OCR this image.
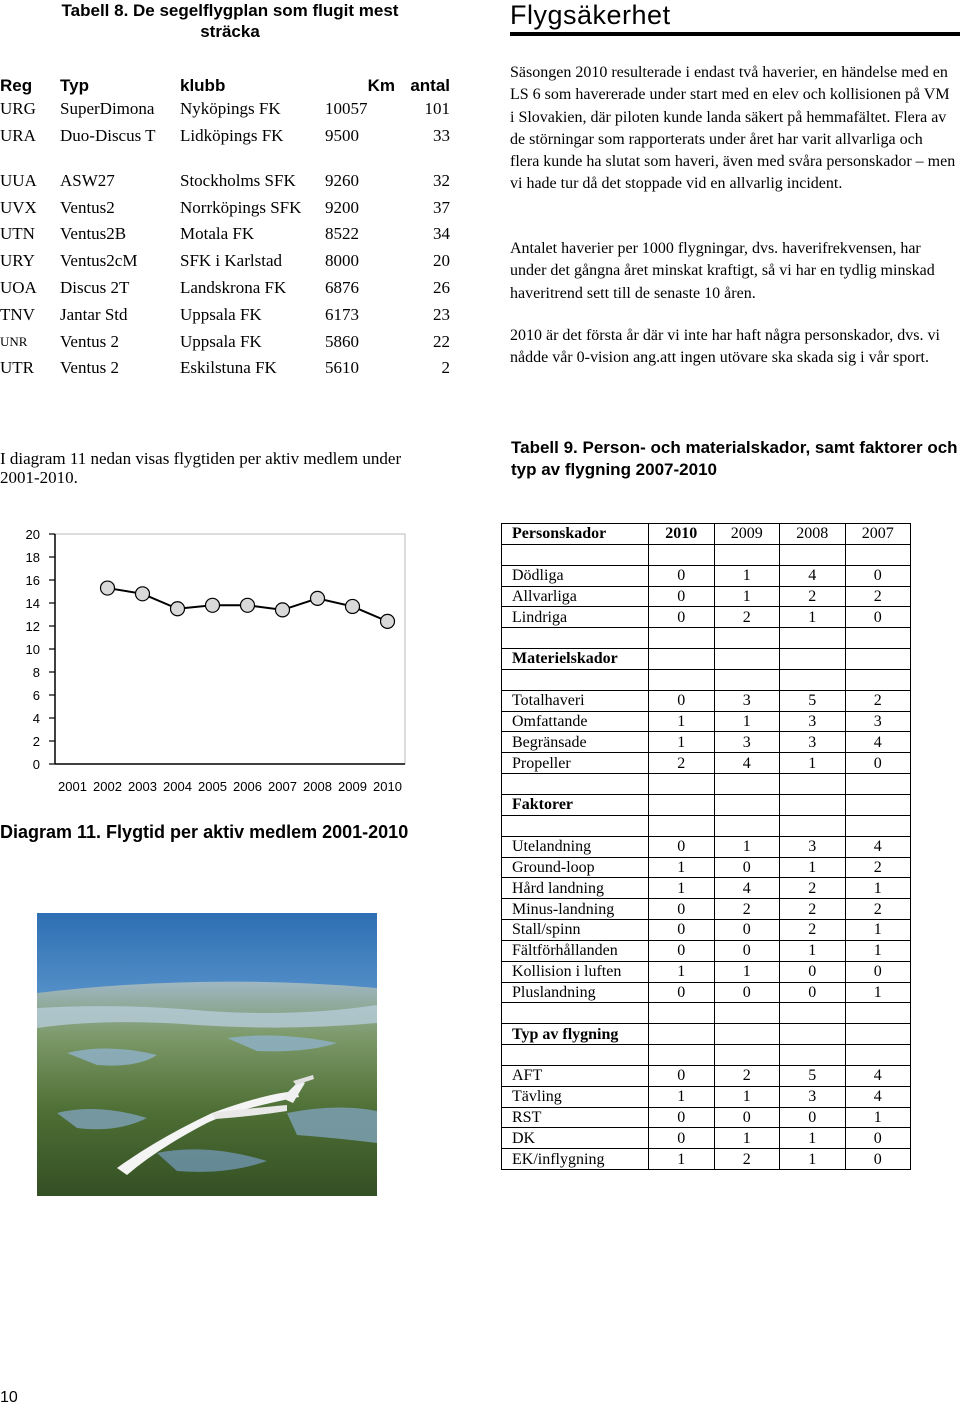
Tabell 8. De segelflygplan som flugit mest sträcka
Reg	Typ	klubb	Km	antal
URG	SuperDimona	Nyköpings FK	10057	101
URA	Duo-Discus T	Lidköpings FK	9500	33
UUA	ASW27	Stockholms SFK	9260	32
UVX	Ventus2	Norrköpings SFK	9200	37
UTN	Ventus2B	Motala FK	8522	34
URY	Ventus2cM	SFK i Karlstad	8000	20
UOA	Discus 2T	Landskrona FK	6876	26
TNV	Jantar Std	Uppsala FK	6173	23
UNR	Ventus 2	Uppsala FK	5860	22
UTR	Ventus 2	Eskilstuna FK	5610	2
Flygsäkerhet

Säsongen 2010 resulterade i endast två haverier, en händelse med en LS 6 som havererade under start med en elev och kollisionen på VM i Slovakien, där piloten kunde landa säkert på hemmafältet. Flera av de störningar som rapporterats under året har varit allvarliga och flera kunde ha slutat som haveri, även med svåra personskador – men vi hade tur då det stoppade vid en allvarlig incident.

Antalet haverier per 1000 flygningar, dvs. haverifrekvensen, har under det gångna året minskat kraftigt, så vi har en tydlig minskad haveritrend sett till de senaste 10 åren.

2010 är det första år där vi inte har haft några personskador, dvs. vi nådde vår 0-vision ang.att ingen utövare ska skada sig i vår sport.

I diagram 11 nedan visas flygtiden per aktiv medlem under 2001-2010.

Tabell 9. Person- och materialskador, samt faktorer och typ av flygning 2007-2010
Personskador	2010	2009	2008	2007

Dödliga	0	1	4	0
Allvarliga	0	1	2	2
Lindriga	0	2	1	0

Materielskador				

Totalhaveri	0	3	5	2
Omfattande	1	1	3	3
Begränsade	1	3	3	4
Propeller	2	4	1	0

Faktorer				

Utelandning	0	1	3	4
Ground-loop	1	0	1	2
Hård landning	1	4	2	1
Minus-landning	0	2	2	2
Stall/spinn	0	0	2	1
Fältförhållanden	0	0	1	1
Kollision i luften	1	1	0	0
Pluslandning	0	0	0	1

Typ av flygning				

AFT	0	2	5	4
Tävling	1	1	3	4
RST	0	0	0	1
DK	0	1	1	0
EK/inflygning	1	2	1	0
0
2
4
6
8
10
12
14
16
18
20
2001 2002 2003 2004 2005 2006 2007 2008 2009 2010
Diagram 11. Flygtid per aktiv medlem 2001-2010
10
